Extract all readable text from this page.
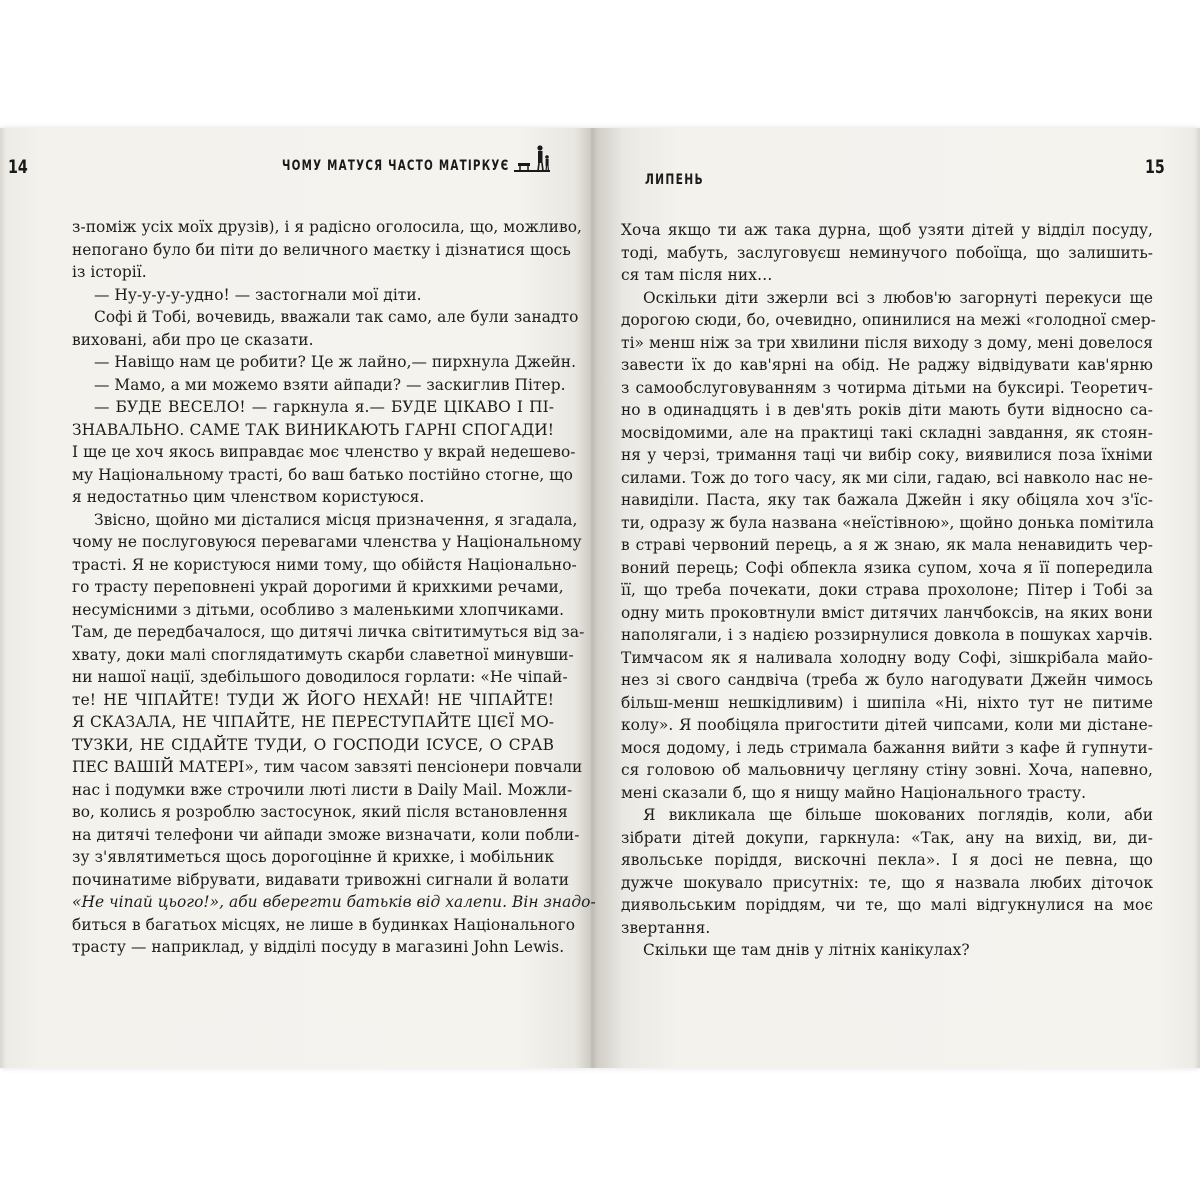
14	ЧОМУ МАТУСЯ ЧАСТО МАТІРКУЄ
з-поміж усіх моїх друзів), і я радісно оголосила, що, можливо,
непогано було би піти до величного маєтку і дізнатися щось
із історії.
— Ну-у-у-у-удно! — застогнали мої діти.
Софі й Тобі, вочевидь, вважали так само, але були занадто
виховані, аби про це сказати.
— Навіщо нам це робити? Це ж лайно,— пирхнула Джейн.
— Мамо, а ми можемо взяти айпади? — заскиглив Пітер.
— БУДЕ ВЕСЕЛО! — гаркнула я.— БУДЕ ЦІКАВО І ПІ-
ЗНАВАЛЬНО. САМЕ ТАК ВИНИКАЮТЬ ГАРНІ СПОГАДИ!
І ще це хоч якось виправдає моє членство у вкрай недешево-
му Національному трасті, бо ваш батько постійно стогне, що
я недостатньо цим членством користуюся.
Звісно, щойно ми дісталися місця призначення, я згадала,
чому не послуговуюся перевагами членства у Національному
трасті. Я не користуюся ними тому, що обійстя Національно-
го трасту переповнені украй дорогими й крихкими речами,
несумісними з дітьми, особливо з маленькими хлопчиками.
Там, де передбачалося, що дитячі личка світитимуться від за-
хвату, доки малі споглядатимуть скарби славетної минувши-
ни нашої нації, здебільшого доводилося горлати: «Не чіпай-
те! НЕ ЧІПАЙТЕ! ТУДИ Ж ЙОГО НЕХАЙ! НЕ ЧІПАЙТЕ!
Я СКАЗАЛА, НЕ ЧІПАЙТЕ, НЕ ПЕРЕСТУПАЙТЕ ЦІЄЇ МО-
ТУЗКИ, НЕ СІДАЙТЕ ТУДИ, О ГОСПОДИ ІСУСЕ, О СРАВ
ПЕС ВАШІЙ МАТЕРІ», тим часом завзяті пенсіонери повчали
нас і подумки вже строчили люті листи в Daily Mail. Можли-
во, колись я розроблю застосунок, який після встановлення
на дитячі телефони чи айпади зможе визначати, коли побли-
зу з'являтиметься щось дорогоцінне й крихке, і мобільник
починатиме вібрувати, видавати тривожні сигнали й волати
«Не чіпай цього!», аби вберегти батьків від халепи. Він знадо-
биться в багатьох місцях, не лише в будинках Національного
трасту — наприклад, у відділі посуду в магазині John Lewis.
ЛИПЕНЬ
15
Хоча якщо ти аж така дурна, щоб узяти дітей у відділ посуду,
тоді, мабуть, заслуговуєш неминучого побоїща, що залишить-
ся там після них…
Оскільки діти зжерли всі з любов'ю загорнуті перекуси ще
дорогою сюди, бо, очевидно, опинилися на межі «голодної смер-
ті» менш ніж за три хвилини після виходу з дому, мені довелося
завести їх до кав'ярні на обід. Не раджу відвідувати кав'ярню
з самообслуговуванням з чотирма дітьми на буксирі. Теоретич-
но в одинадцять і в дев'ять років діти мають бути відносно са-
мосвідомими, але на практиці такі складні завдання, як стоян-
ня у черзі, тримання таці чи вибір соку, виявилися поза їхніми
силами. Тож до того часу, як ми сіли, гадаю, всі навколо нас не-
навиділи. Паста, яку так бажала Джейн і яку обіцяла хоч з'їс-
ти, одразу ж була названа «неїстівною», щойно донька помітила
в страві червоний перець, а я ж знаю, як мала ненавидить чер-
воний перець; Софі обпекла язика супом, хоча я її попередила
її, що треба почекати, доки страва прохолоне; Пітер і Тобі за
одну мить проковтнули вміст дитячих ланчбоксів, на яких вони
наполягали, і з надією роззирнулися довкола в пошуках харчів.
Тимчасом як я наливала холодну воду Софі, зішкрібала майо-
нез зі свого сандвіча (треба ж було нагодувати Джейн чимось
більш-менш нешкідливим) і шипіла «Ні, ніхто тут не питиме
колу». Я пообіцяла пригостити дітей чипсами, коли ми дістане-
мося додому, і ледь стримала бажання вийти з кафе й гупнути-
ся головою об мальовничу цегляну стіну зовні. Хоча, напевно,
мені сказали б, що я нищу майно Національного трасту.
Я викликала ще більше шокованих поглядів, коли, аби
зібрати дітей докупи, гаркнула: «Так, ану на вихід, ви, ди-
явольське поріддя, вискочні пекла». І я досі не певна, що
дужче шокувало присутніх: те, що я назвала любих діточок
диявольським поріддям, чи те, що малі відгукнулися на моє
звертання.
Скільки ще там днів у літніх канікулах?
